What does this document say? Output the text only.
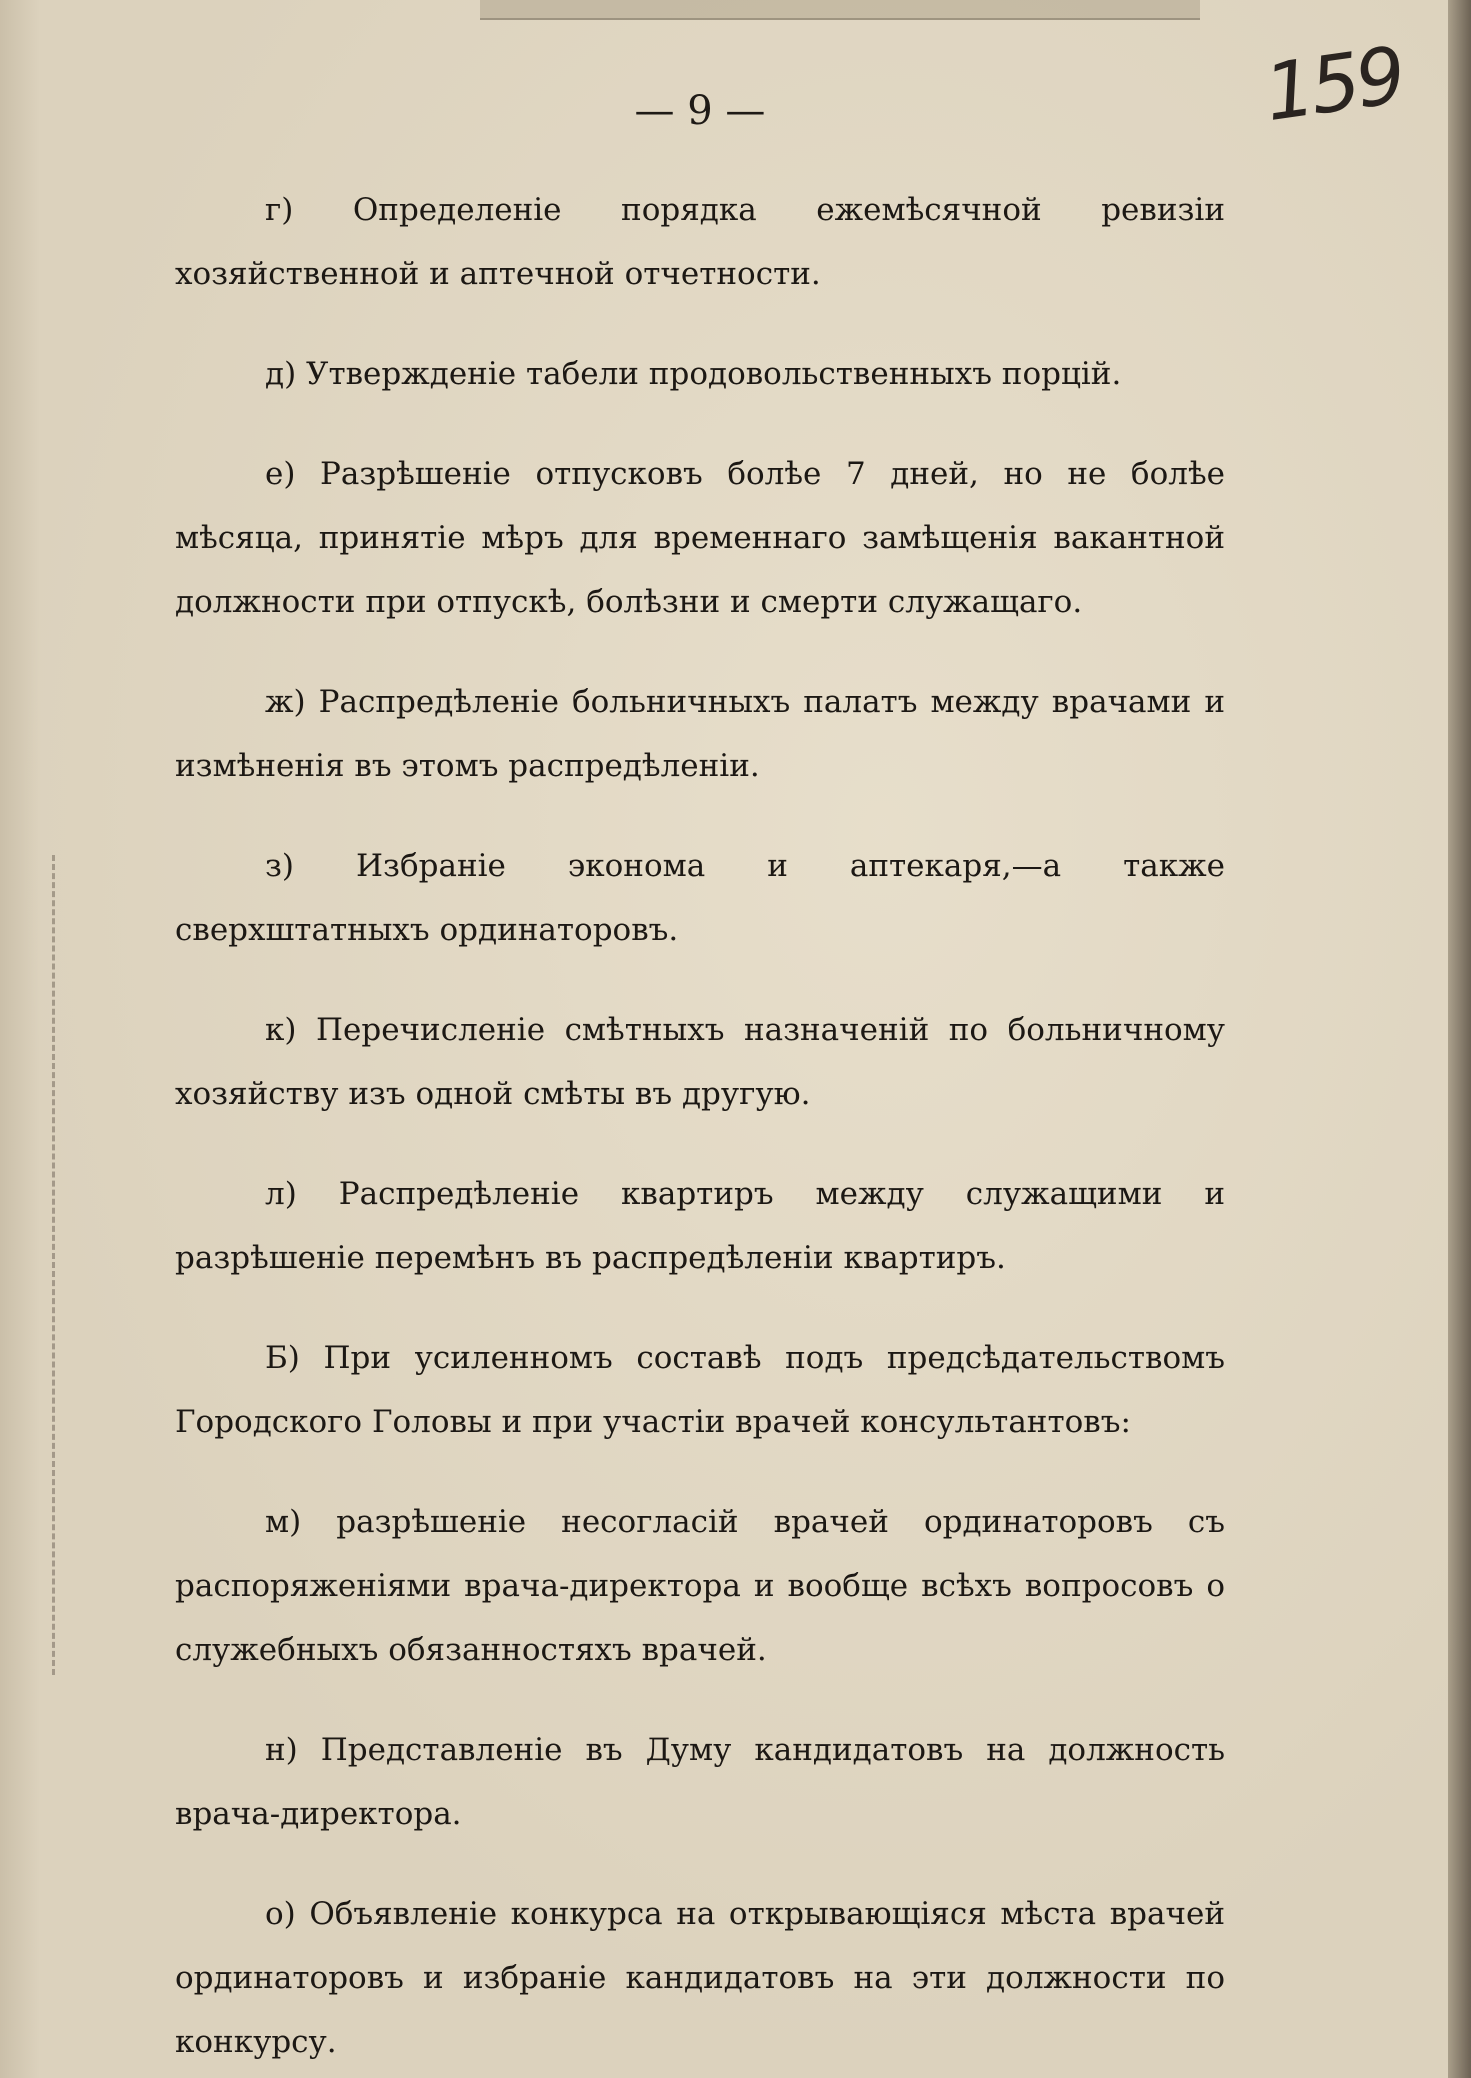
159
— 9 —

г) Определеніе порядка ежемѣсячной ревизіи хозяйственной и аптечной отчетности.

д) Утвержденіе табели продовольственныхъ порцій.

е) Разрѣшеніе отпусковъ болѣе 7 дней, но не болѣе мѣсяца, принятіе мѣръ для временнаго замѣщенія вакантной должности при отпускѣ, болѣзни и смерти служащаго.

ж) Распредѣленіе больничныхъ палатъ между врачами и измѣненія въ этомъ распредѣленіи.

з) Избраніе эконома и аптекаря,—а также сверхштатныхъ ординаторовъ.

к) Перечисленіе смѣтныхъ назначеній по больничному хозяйству изъ одной смѣты въ другую.

л) Распредѣленіе квартиръ между служащими и разрѣшеніе перемѣнъ въ распредѣленіи квартиръ.

Б) При усиленномъ составѣ подъ предсѣдательствомъ Городского Головы и при участіи врачей консультантовъ:

м) разрѣшеніе несогласій врачей ординаторовъ съ распоряженіями врача-директора и вообще всѣхъ вопросовъ о служебныхъ обязанностяхъ врачей.

н) Представленіе въ Думу кандидатовъ на должность врача-директора.

о) Объявленіе конкурса на открывающіяся мѣста врачей ординаторовъ и избраніе кандидатовъ на эти должности по конкурсу.
